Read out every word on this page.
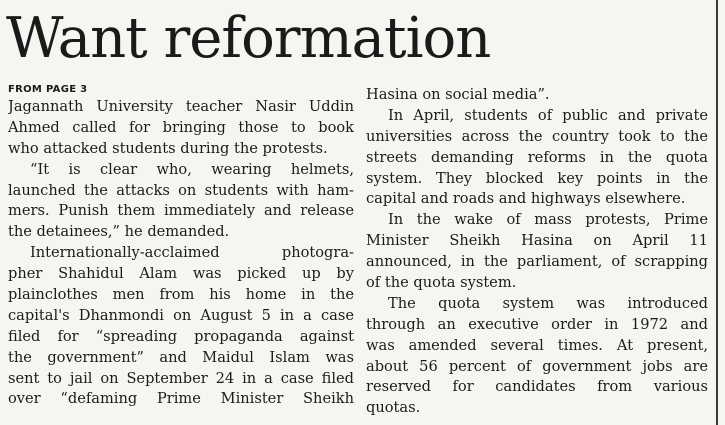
Want reformation
FROM PAGE 3
Jagannath University teacher Nasir Uddin
Ahmed called for bringing those to book
who attacked students during the protests.
“It is clear who, wearing helmets,
launched the attacks on students with ham-
mers. Punish them immediately and release
the detainees,” he demanded.
Internationally-acclaimed photogra-
pher Shahidul Alam was picked up by
plainclothes men from his home in the
capital's Dhanmondi on August 5 in a case
filed for “spreading propaganda against
the government” and Maidul Islam was
sent to jail on September 24 in a case filed
over “defaming Prime Minister Sheikh
Hasina on social media”.
In April, students of public and private
universities across the country took to the
streets demanding reforms in the quota
system. They blocked key points in the
capital and roads and highways elsewhere.
In the wake of mass protests, Prime
Minister Sheikh Hasina on April 11
announced, in the parliament, of scrapping
of the quota system.
The quota system was introduced
through an executive order in 1972 and
was amended several times. At present,
about 56 percent of government jobs are
reserved for candidates from various
quotas.
